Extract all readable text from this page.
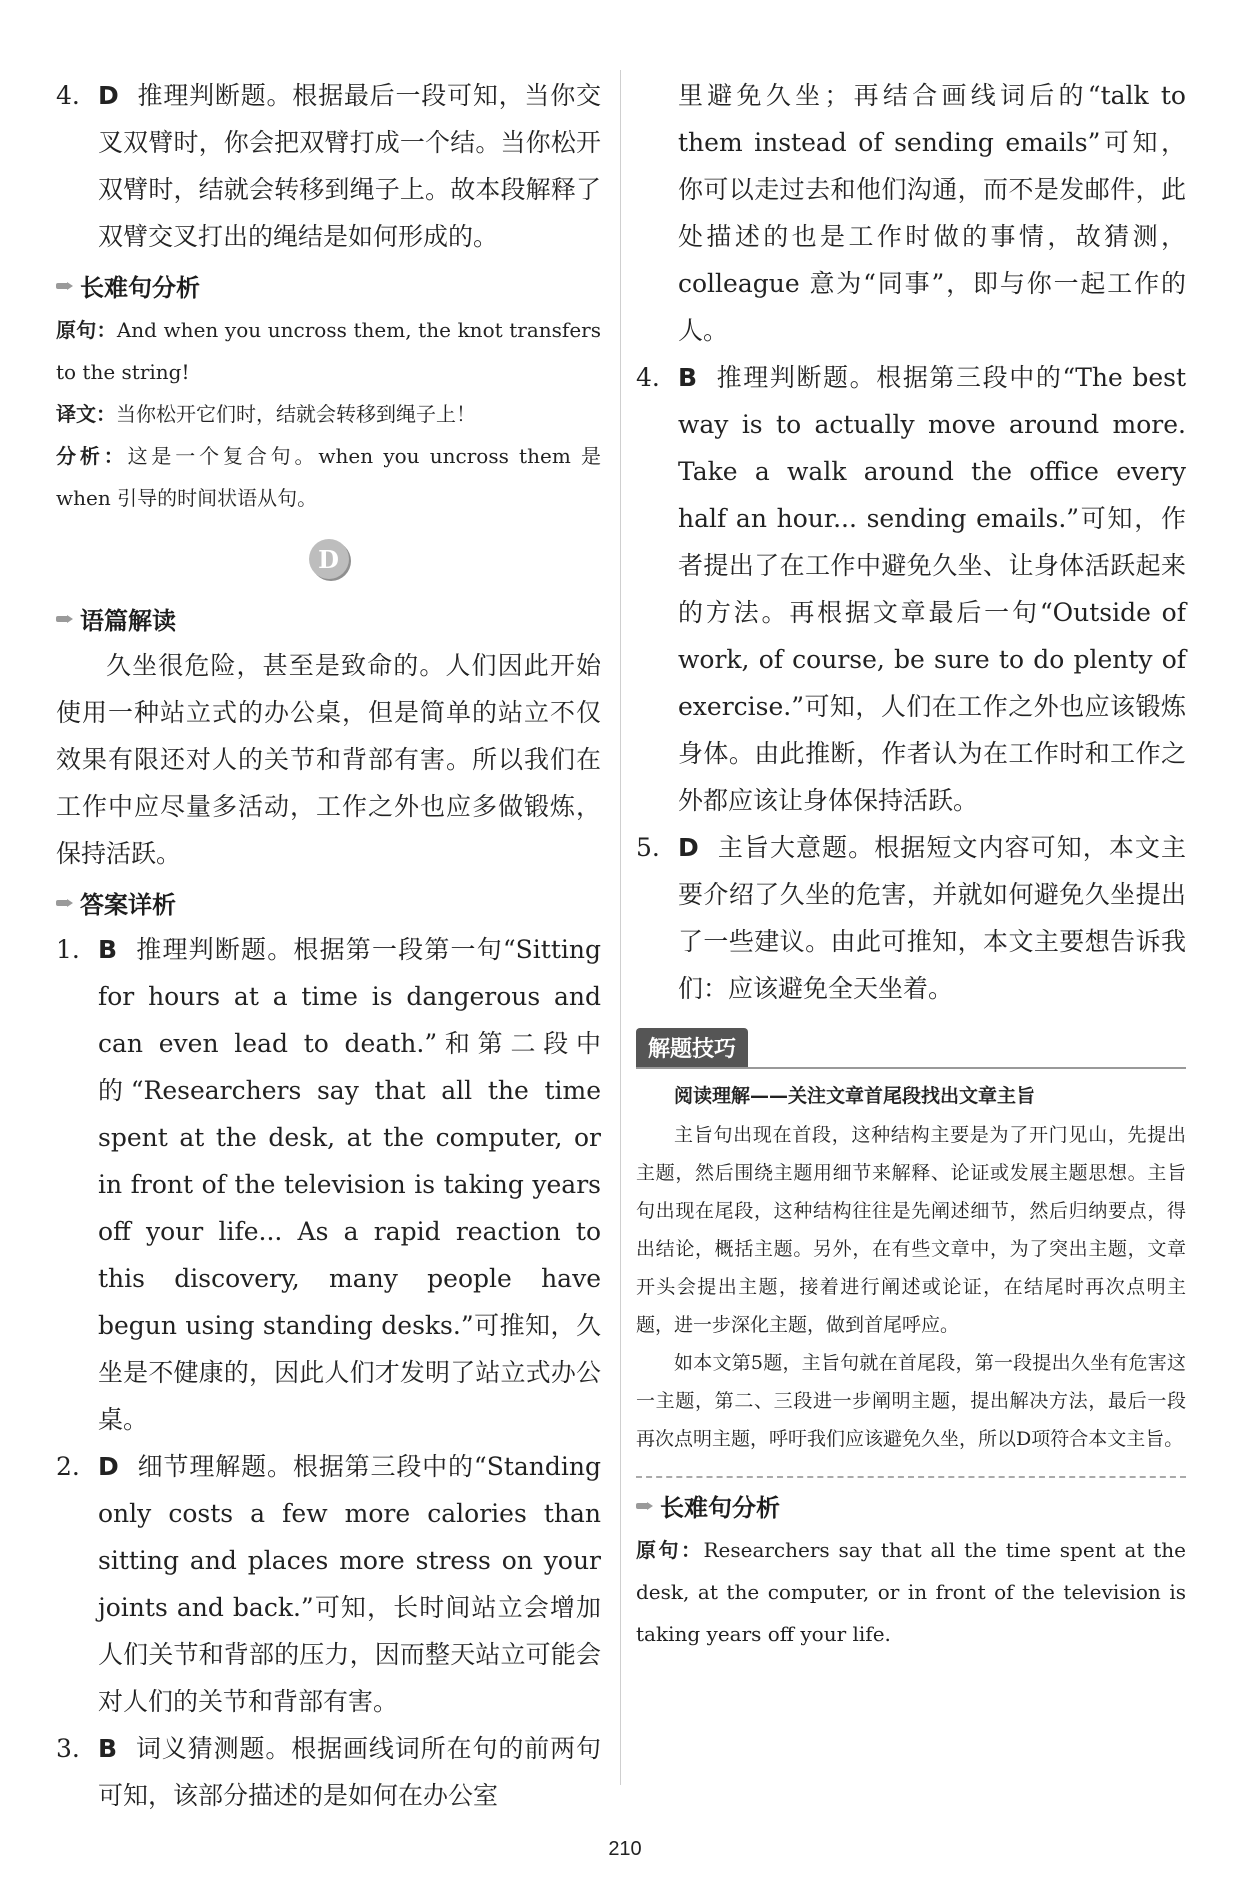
4. D 推理判断题。根据最后一段可知，当你交叉双臂时，你会把双臂打成一个结。当你松开双臂时，结就会转移到绳子上。故本段解释了双臂交叉打出的绳结是如何形成的。

长难句分析

原句：And when you uncross them, the knot transfers to the string!

译文：当你松开它们时，结就会转移到绳子上！

分析：这是一个复合句。when you uncross them 是 when 引导的时间状语从句。

D
语篇解读

久坐很危险，甚至是致命的。人们因此开始使用一种站立式的办公桌，但是简单的站立不仅效果有限还对人的关节和背部有害。所以我们在工作中应尽量多活动，工作之外也应多做锻炼，保持活跃。

答案详析

1. B 推理判断题。根据第一段第一句“Sitting for hours at a time is dangerous and can even lead to death.”和第二段中的“Researchers say that all the time spent at the desk, at the computer, or in front of the television is taking years off your life... As a rapid reaction to this discovery, many people have begun using standing desks.”可推知，久坐是不健康的，因此人们才发明了站立式办公桌。

2. D 细节理解题。根据第三段中的“Standing only costs a few more calories than sitting and places more stress on your joints and back.”可知，长时间站立会增加人们关节和背部的压力，因而整天站立可能会对人们的关节和背部有害。

3. B 词义猜测题。根据画线词所在句的前两句可知，该部分描述的是如何在办公室

里避免久坐；再结合画线词后的“talk to them instead of sending emails”可知，你可以走过去和他们沟通，而不是发邮件，此处描述的也是工作时做的事情，故猜测，colleague 意为“同事”，即与你一起工作的人。

4. B 推理判断题。根据第三段中的“The best way is to actually move around more. Take a walk around the office every half an hour... sending emails.”可知，作者提出了在工作中避免久坐、让身体活跃起来的方法。再根据文章最后一句“Outside of work, of course, be sure to do plenty of exercise.”可知，人们在工作之外也应该锻炼身体。由此推断，作者认为在工作时和工作之外都应该让身体保持活跃。

5. D 主旨大意题。根据短文内容可知，本文主要介绍了久坐的危害，并就如何避免久坐提出了一些建议。由此可推知，本文主要想告诉我们：应该避免全天坐着。

解题技巧
阅读理解——关注文章首尾段找出文章主旨

主旨句出现在首段，这种结构主要是为了开门见山，先提出主题，然后围绕主题用细节来解释、论证或发展主题思想。主旨句出现在尾段，这种结构往往是先阐述细节，然后归纳要点，得出结论，概括主题。另外，在有些文章中，为了突出主题，文章开头会提出主题，接着进行阐述或论证，在结尾时再次点明主题，进一步深化主题，做到首尾呼应。

如本文第5题，主旨句就在首尾段，第一段提出久坐有危害这一主题，第二、三段进一步阐明主题，提出解决方法，最后一段再次点明主题，呼吁我们应该避免久坐，所以D项符合本文主旨。

长难句分析

原句：Researchers say that all the time spent at the desk, at the computer, or in front of the television is taking years off your life.

210
